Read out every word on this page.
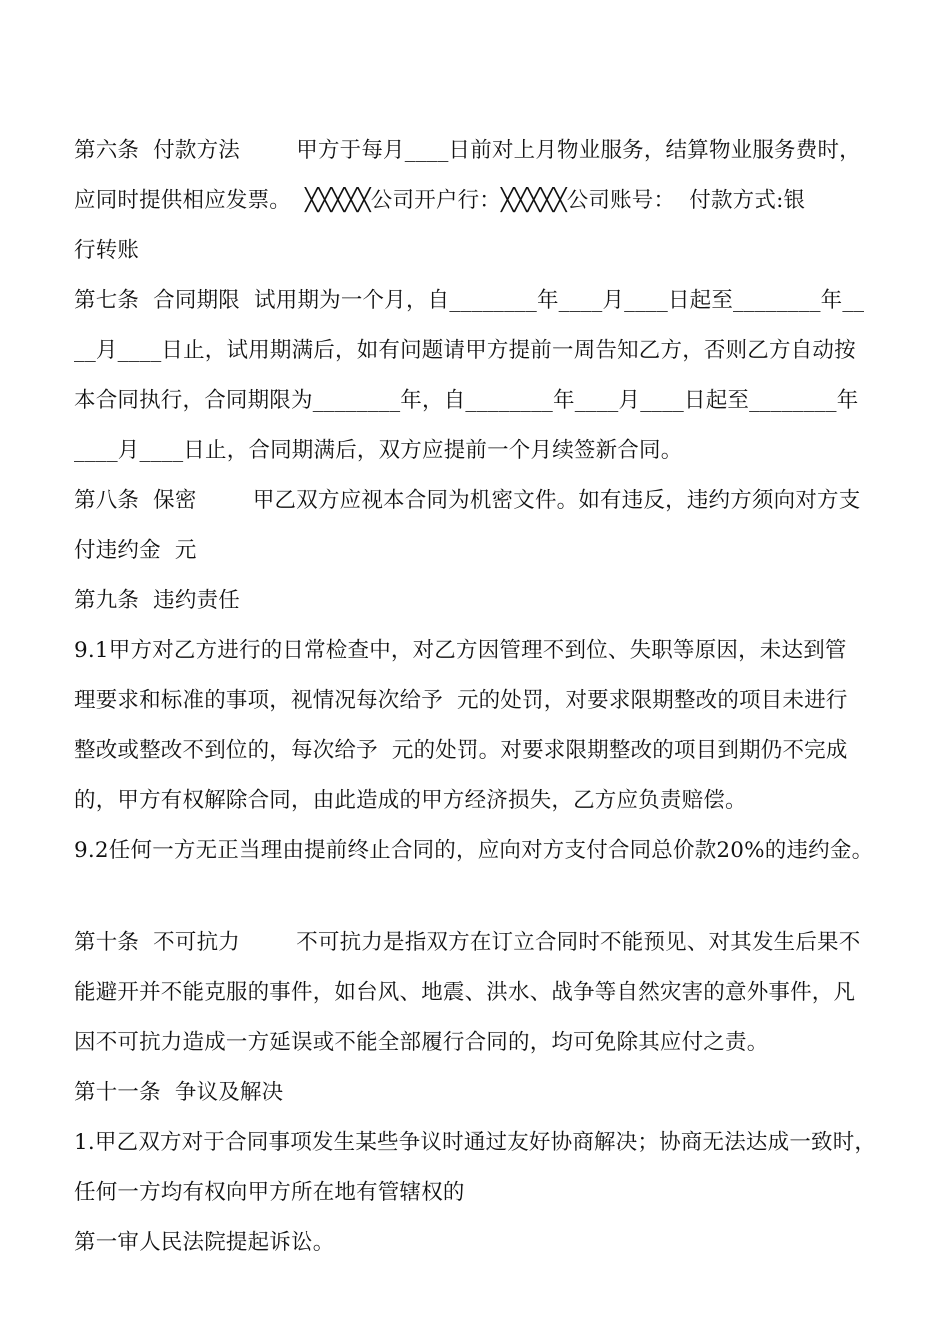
第六条  付款方法        甲方于每月____日前对上月物业服务，结算物业服务费时，
应同时提供相应发票。  ╳╳╳╳╳公司开户行：╳╳╳╳╳公司账号：  付款方式:银
行转账
第七条  合同期限  试用期为一个月，自________年____月____日起至________年__
__月____日止，试用期满后，如有问题请甲方提前一周告知乙方，否则乙方自动按
本合同执行，合同期限为________年，自________年____月____日起至________年
____月____日止，合同期满后，双方应提前一个月续签新合同。
第八条  保密        甲乙双方应视本合同为机密文件。如有违反，违约方须向对方支
付违约金  元
第九条  违约责任
9.1甲方对乙方进行的日常检查中，对乙方因管理不到位、失职等原因，未达到管
理要求和标准的事项，视情况每次给予  元的处罚，对要求限期整改的项目未进行
整改或整改不到位的，每次给予  元的处罚。对要求限期整改的项目到期仍不完成
的，甲方有权解除合同，由此造成的甲方经济损失，乙方应负责赔偿。
9.2任何一方无正当理由提前终止合同的，应向对方支付合同总价款20%的违约金。
第十条  不可抗力        不可抗力是指双方在订立合同时不能预见、对其发生后果不
能避开并不能克服的事件，如台风、地震、洪水、战争等自然灾害的意外事件，凡
因不可抗力造成一方延误或不能全部履行合同的，均可免除其应付之责。
第十一条  争议及解决
1.甲乙双方对于合同事项发生某些争议时通过友好协商解决；协商无法达成一致时，
任何一方均有权向甲方所在地有管辖权的
第一审人民法院提起诉讼。
